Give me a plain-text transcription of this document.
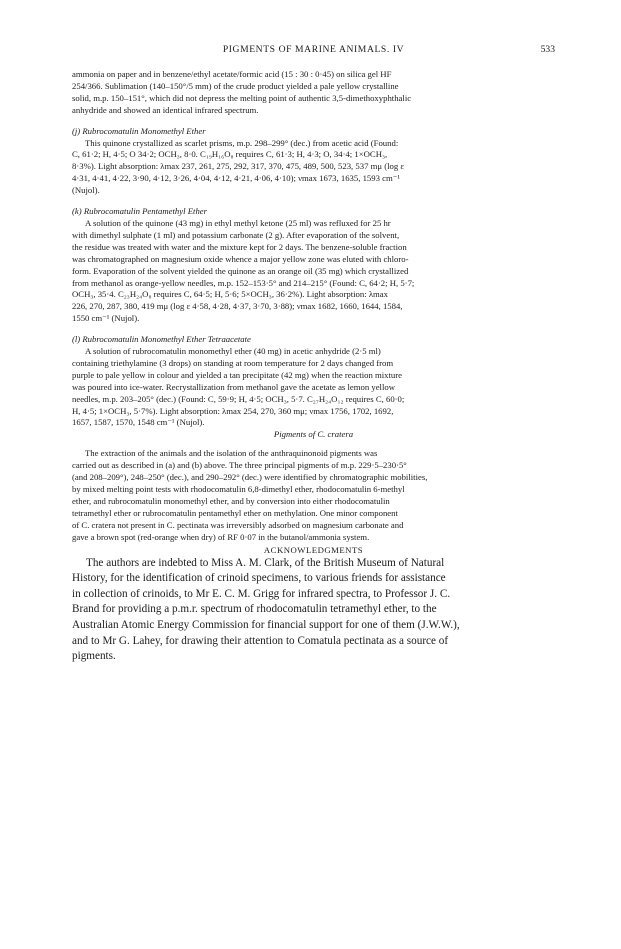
PIGMENTS OF MARINE ANIMALS. IV	533

ammonia on paper and in benzene/ethyl acetate/formic acid (15 : 30 : 0·45) on silica gel HF
254/366. Sublimation (140–150°/5 mm) of the crude product yielded a pale yellow crystalline
solid, m.p. 150–151°, which did not depress the melting point of authentic 3,5-dimethoxyphthalic
anhydride and showed an identical infrared spectrum.

(j) Rubrocomatulin Monomethyl Ether

This quinone crystallized as scarlet prisms, m.p. 298–299° (dec.) from acetic acid (Found:
C, 61·2; H, 4·5; O 34·2; OCH₃, 8·0. C₁₉H₁₆O₈ requires C, 61·3; H, 4·3; O, 34·4; 1×OCH₃,
8·3%). Light absorption: λmax 237, 261, 275, 292, 317, 370, 475, 489, 500, 523, 537 mμ (log ε
4·31, 4·41, 4·22, 3·90, 4·12, 3·26, 4·04, 4·12, 4·21, 4·06, 4·10); νmax 1673, 1635, 1593 cm⁻¹
(Nujol).

(k) Rubrocomatulin Pentamethyl Ether

A solution of the quinone (43 mg) in ethyl methyl ketone (25 ml) was refluxed for 25 hr
with dimethyl sulphate (1 ml) and potassium carbonate (2 g). After evaporation of the solvent,
the residue was treated with water and the mixture kept for 2 days. The benzene-soluble fraction
was chromatographed on magnesium oxide whence a major yellow zone was eluted with chloro-
form. Evaporation of the solvent yielded the quinone as an orange oil (35 mg) which crystallized
from methanol as orange-yellow needles, m.p. 152–153·5° and 214–215° (Found: C, 64·2; H, 5·7;
OCH₃, 35·4. C₂₃H₂₄O₈ requires C, 64·5; H, 5·6; 5×OCH₃, 36·2%). Light absorption: λmax
226, 270, 287, 380, 419 mμ (log ε 4·58, 4·28, 4·37, 3·70, 3·88); νmax 1682, 1660, 1644, 1584,
1550 cm⁻¹ (Nujol).

(l) Rubrocomatulin Monomethyl Ether Tetraacetate

A solution of rubrocomatulin monomethyl ether (40 mg) in acetic anhydride (2·5 ml)
containing triethylamine (3 drops) on standing at room temperature for 2 days changed from
purple to pale yellow in colour and yielded a tan precipitate (42 mg) when the reaction mixture
was poured into ice-water. Recrystallization from methanol gave the acetate as lemon yellow
needles, m.p. 203–205° (dec.) (Found: C, 59·9; H, 4·5; OCH₃, 5·7. C₂₇H₂₄O₁₂ requires C, 60·0;
H, 4·5; 1×OCH₃, 5·7%). Light absorption: λmax 254, 270, 360 mμ; νmax 1756, 1702, 1692,
1657, 1587, 1570, 1548 cm⁻¹ (Nujol).

Pigments of C. cratera

The extraction of the animals and the isolation of the anthraquinonoid pigments was
carried out as described in (a) and (b) above. The three principal pigments of m.p. 229·5–230·5°
(and 208–209°), 248–250° (dec.), and 290–292° (dec.) were identified by chromatographic mobilities,
by mixed melting point tests with rhodocomatulin 6,8-dimethyl ether, rhodocomatulin 6-methyl
ether, and rubrocomatulin monomethyl ether, and by conversion into either rhodocomatulin
tetramethyl ether or rubrocomatulin pentamethyl ether on methylation. One minor component
of C. cratera not present in C. pectinata was irreversibly adsorbed on magnesium carbonate and
gave a brown spot (red-orange when dry) of RF 0·07 in the butanol/ammonia system.

ACKNOWLEDGMENTS

The authors are indebted to Miss A. M. Clark, of the British Museum of Natural
History, for the identification of crinoid specimens, to various friends for assistance
in collection of crinoids, to Mr E. C. M. Grigg for infrared spectra, to Professor J. C.
Brand for providing a p.m.r. spectrum of rhodocomatulin tetramethyl ether, to the
Australian Atomic Energy Commission for financial support for one of them (J.W.W.),
and to Mr G. Lahey, for drawing their attention to Comatula pectinata as a source of
pigments.
